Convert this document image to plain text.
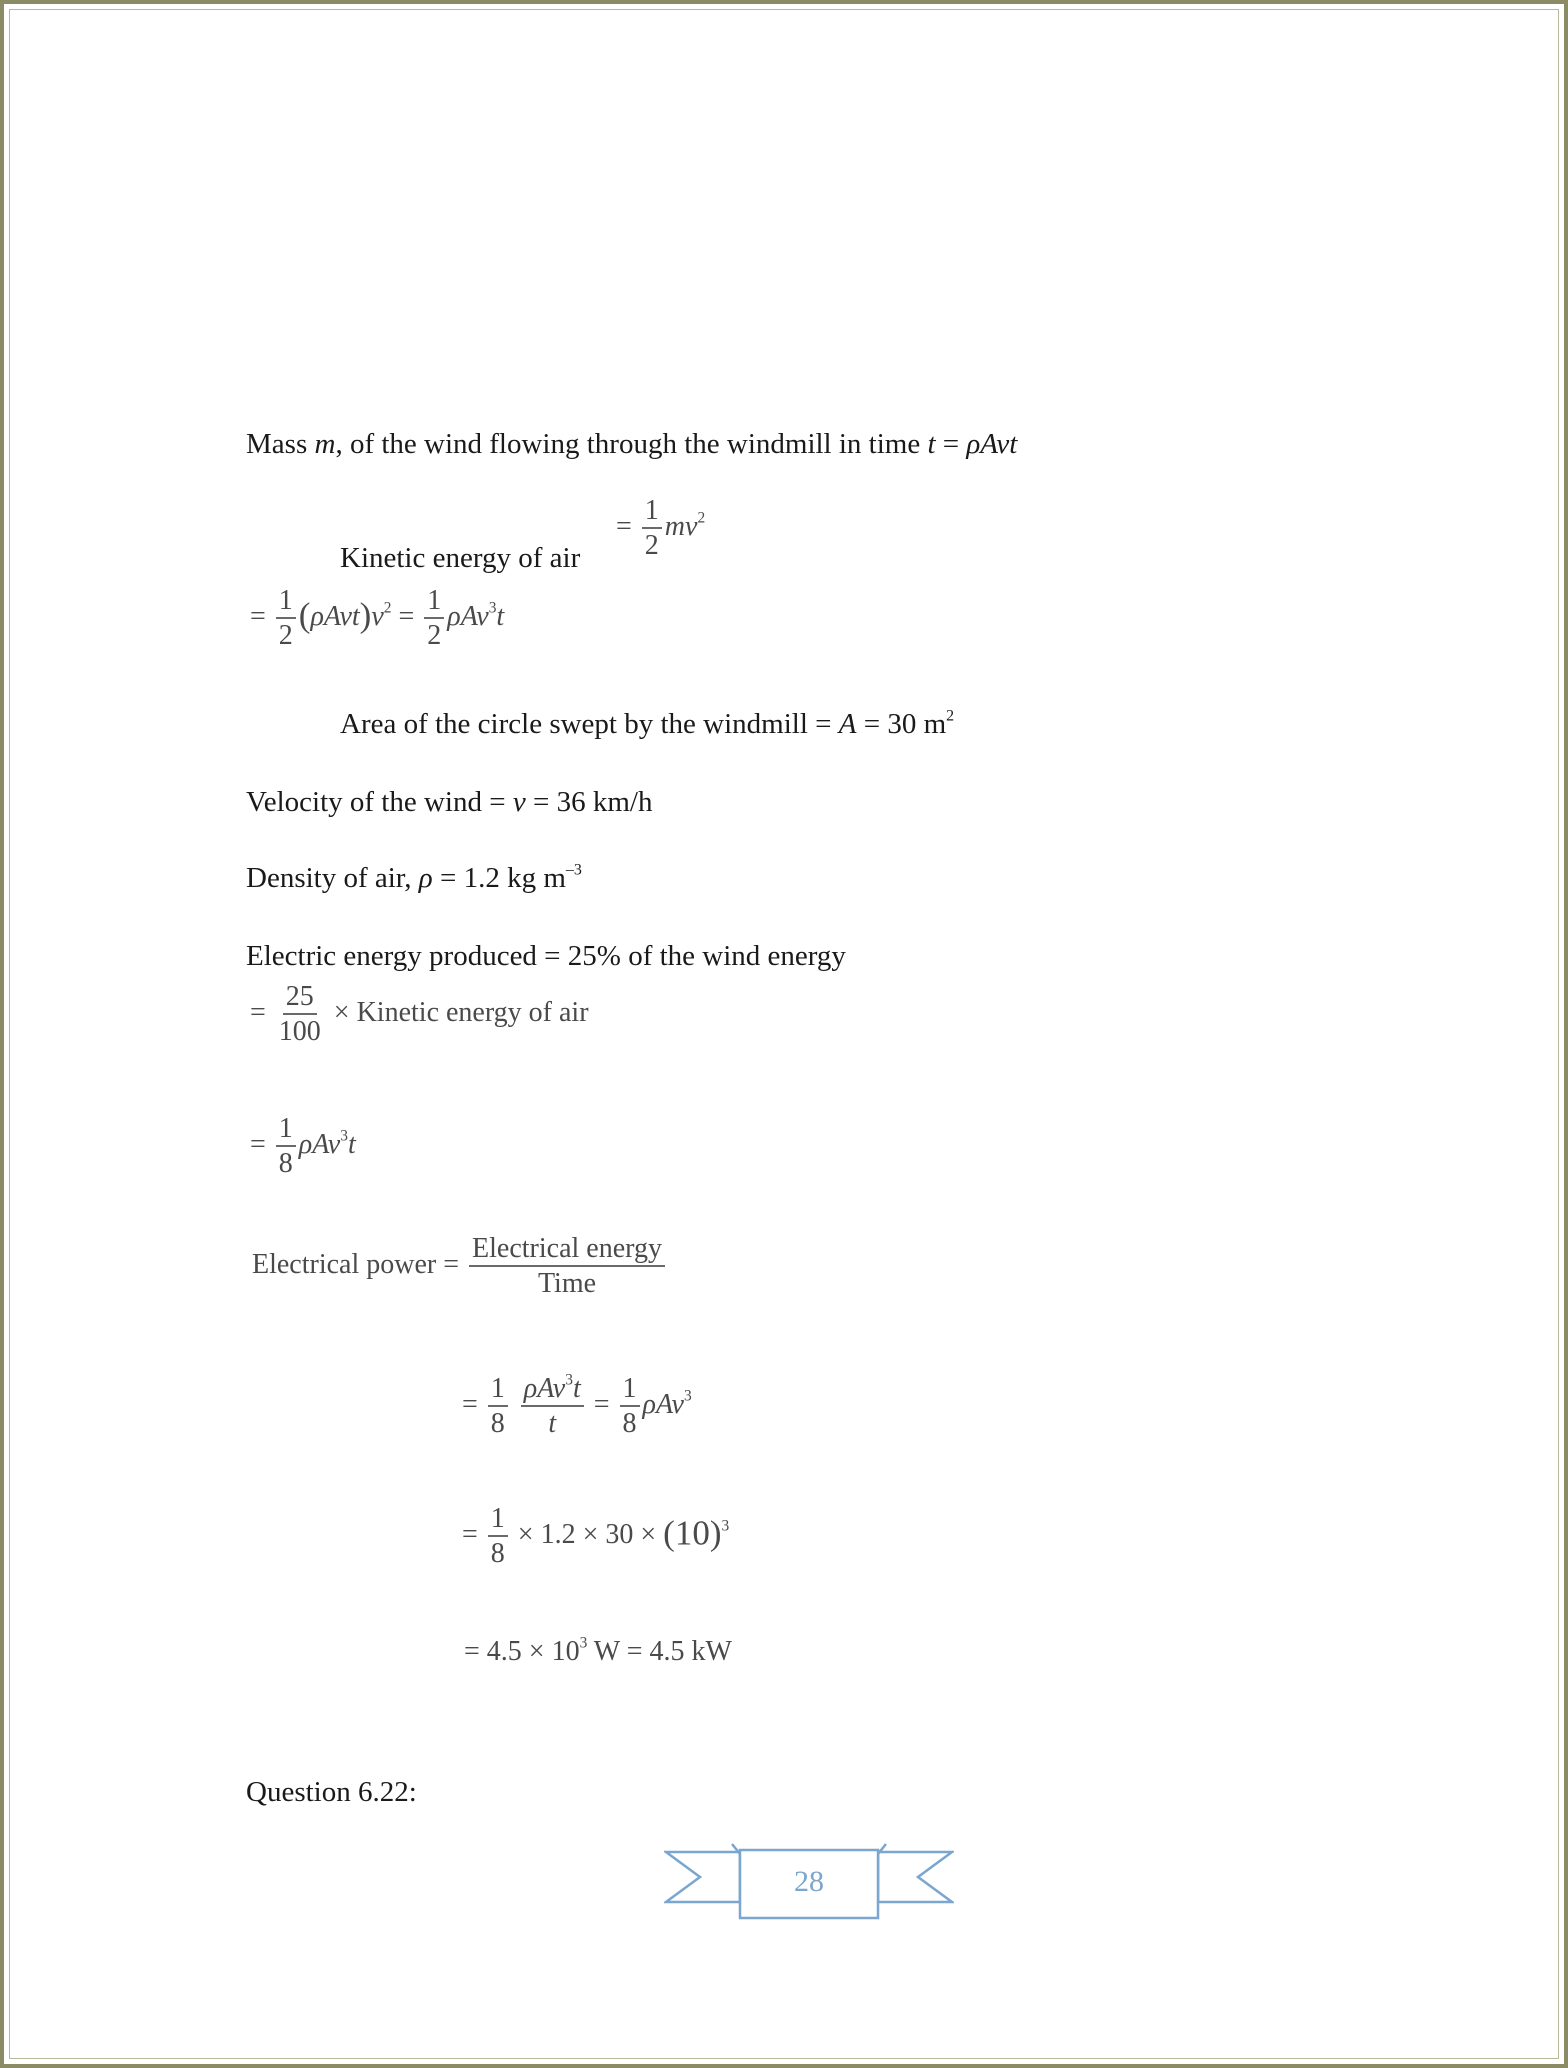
Mass m, of the wind flowing through the windmill in time t = ρAvt
Kinetic energy of air
= $\frac{1}{2} mv^2$
= $\frac{1}{2} (\rho Avt)v^2 = \frac{1}{2} \rho Av^3t$
Area of the circle swept by the windmill = A = 30 $m^2$
Velocity of the wind = v = 36 km/h
Density of air, ρ = 1.2 kg $m^{-3}$
Electric energy produced = 25% of the wind energy
= $\frac{25}{100}$ × Kinetic energy of air
= $\frac{1}{8} \rho Av^3t$
Electrical power = $\frac{\text{Electrical energy}}{\text{Time}}$
= $\frac{1}{8}$
$\frac{\rho Av^3t}{t} = \frac{1}{8} \rho Av^3$
= $\frac{1}{8} \times 1.2 \times 30 \times (10)^3$
= $4.5 \times 10^3$ W = 4.5 kW
Question 6.22:
28
